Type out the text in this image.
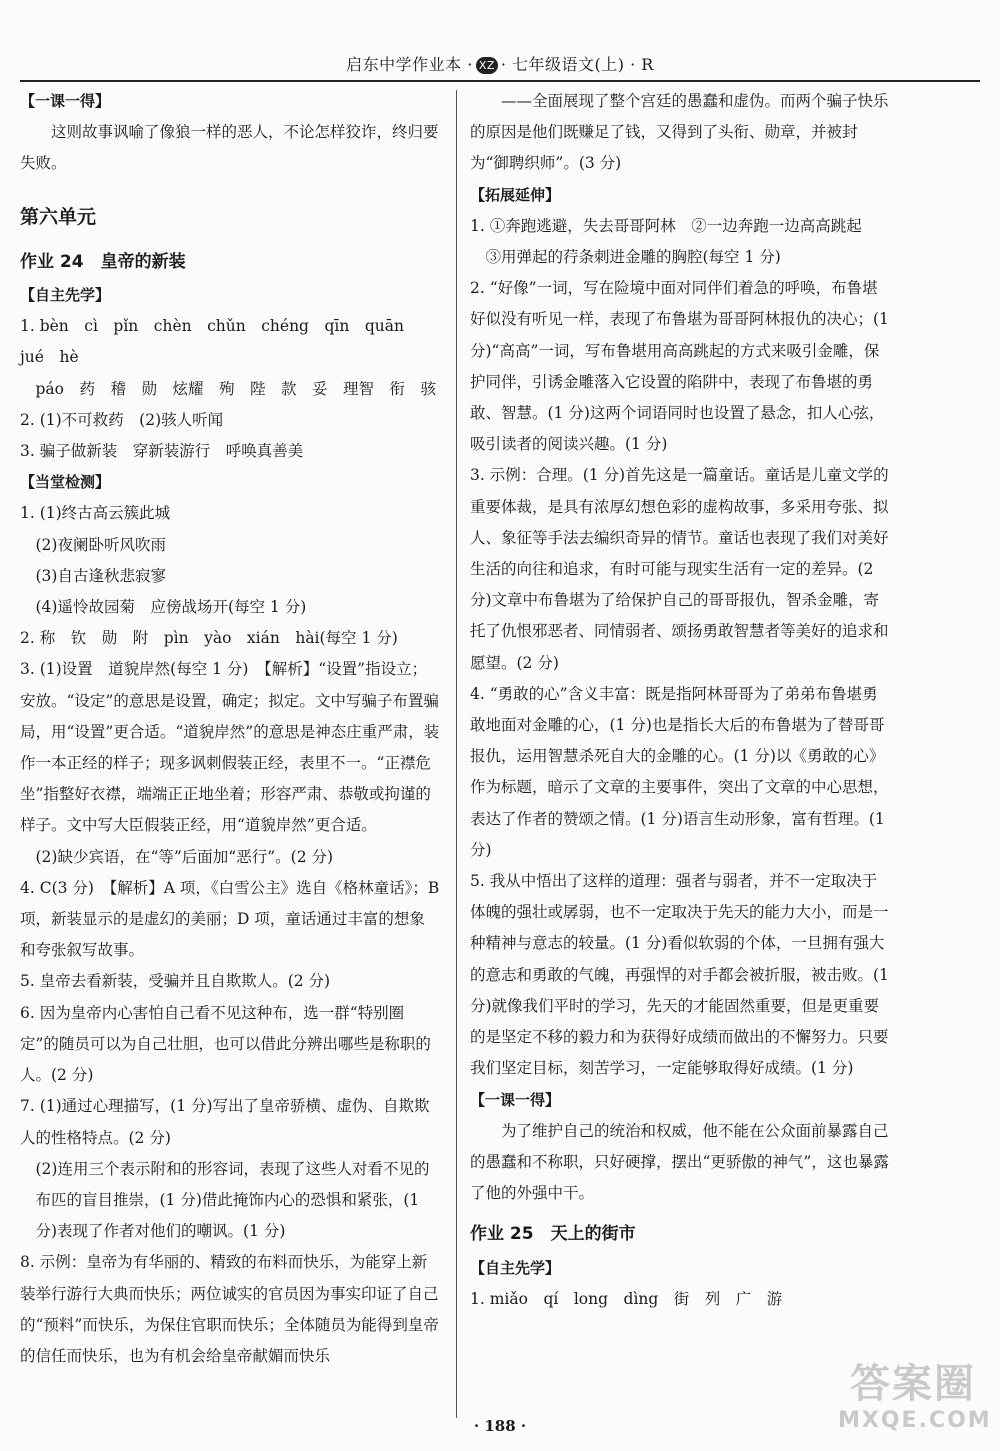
启东中学作业本 · XZ · 七年级语文(上) · R
【一课一得】
这则故事讽喻了像狼一样的恶人，不论怎样狡诈，终归要失败。
第六单元
作业 24　皇帝的新装
【自主先学】
1. bèn　cì　pǐn　chèn　chǔn　chéng　qīn　quān　jué　hè
páo　药　稽　勋　炫耀　殉　陛　款　妥　理智　衔　骇
2. (1)不可救药　(2)骇人听闻
3. 骗子做新装　穿新装游行　呼唤真善美
【当堂检测】
1. (1)终古高云簇此城
(2)夜阑卧听风吹雨
(3)自古逢秋悲寂寥
(4)遥怜故园菊　应傍战场开(每空 1 分)
2. 称　钦　勋　附　pìn　yào　xián　hài(每空 1 分)
3. (1)设置　道貌岸然(每空 1 分)　【解析】“设置”指设立；安放。“设定”的意思是设置，确定；拟定。文中写骗子布置骗局，用“设置”更合适。“道貌岸然”的意思是神态庄重严肃，装作一本正经的样子；现多讽刺假装正经，表里不一。“正襟危坐”指整好衣襟，端端正正地坐着；形容严肃、恭敬或拘谨的样子。文中写大臣假装正经，用“道貌岸然”更合适。
(2)缺少宾语，在“等”后面加“恶行”。(2 分)
4. C(3 分)　【解析】A 项，《白雪公主》选自《格林童话》；B 项，新装显示的是虚幻的美丽；D 项，童话通过丰富的想象和夸张叙写故事。
5. 皇帝去看新装，受骗并且自欺欺人。(2 分)
6. 因为皇帝内心害怕自己看不见这种布，选一群“特别圈定”的随员可以为自己壮胆，也可以借此分辨出哪些是称职的人。(2 分)
7. (1)通过心理描写，(1 分)写出了皇帝骄横、虚伪、自欺欺人的性格特点。(2 分)
(2)连用三个表示附和的形容词，表现了这些人对看不见的布匹的盲目推崇，(1 分)借此掩饰内心的恐惧和紧张，(1 分)表现了作者对他们的嘲讽。(1 分)
8. 示例：皇帝为有华丽的、精致的布料而快乐，为能穿上新装举行游行大典而快乐；两位诚实的官员因为事实印证了自己的“预料”而快乐，为保住官职而快乐；全体随员为能得到皇帝的信任而快乐，也为有机会给皇帝献媚而快乐
——全面展现了整个宫廷的愚蠢和虚伪。而两个骗子快乐的原因是他们既赚足了钱，又得到了头衔、勋章，并被封为“御聘织师”。(3 分)
【拓展延伸】
1. ①奔跑逃避，失去哥哥阿林　②一边奔跑一边高高跳起
③用弹起的荇条刺进金雕的胸腔(每空 1 分)
2. “好像”一词，写在险境中面对同伴们着急的呼唤，布鲁堪好似没有听见一样，表现了布鲁堪为哥哥阿林报仇的决心；(1 分)“高高”一词，写布鲁堪用高高跳起的方式来吸引金雕，保护同伴，引诱金雕落入它设置的陷阱中，表现了布鲁堪的勇敢、智慧。(1 分)这两个词语同时也设置了悬念，扣人心弦，吸引读者的阅读兴趣。(1 分)
3. 示例：合理。(1 分)首先这是一篇童话。童话是儿童文学的重要体裁，是具有浓厚幻想色彩的虚构故事，多采用夸张、拟人、象征等手法去编织奇异的情节。童话也表现了我们对美好生活的向往和追求，有时可能与现实生活有一定的差异。(2 分)文章中布鲁堪为了给保护自己的哥哥报仇，智杀金雕，寄托了仇恨邪恶者、同情弱者、颂扬勇敢智慧者等美好的追求和愿望。(2 分)
4. “勇敢的心”含义丰富：既是指阿林哥哥为了弟弟布鲁堪勇敢地面对金雕的心，(1 分)也是指长大后的布鲁堪为了替哥哥报仇，运用智慧杀死自大的金雕的心。(1 分)以《勇敢的心》作为标题，暗示了文章的主要事件，突出了文章的中心思想，表达了作者的赞颂之情。(1 分)语言生动形象，富有哲理。(1 分)
5. 我从中悟出了这样的道理：强者与弱者，并不一定取决于体魄的强壮或孱弱，也不一定取决于先天的能力大小，而是一种精神与意志的较量。(1 分)看似软弱的个体，一旦拥有强大的意志和勇敢的气魄，再强悍的对手都会被折服，被击败。(1 分)就像我们平时的学习，先天的才能固然重要，但是更重要的是坚定不移的毅力和为获得好成绩而做出的不懈努力。只要我们坚定目标，刻苦学习，一定能够取得好成绩。(1 分)
【一课一得】
为了维护自己的统治和权威，他不能在公众面前暴露自己的愚蠢和不称职，只好硬撑，摆出“更骄傲的神气”，这也暴露了他的外强中干。
作业 25　天上的街市
【自主先学】
1. miǎo　qí　long　dìng　街　列　广　游
· 188 ·
答案圈
MXQE.COM
